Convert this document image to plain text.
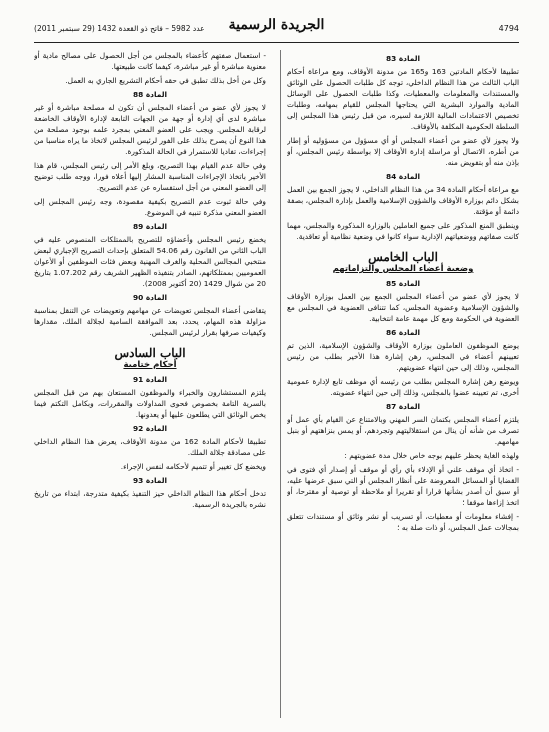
4794
الجريدة الرسمية
عدد 5982 – فاتح ذو القعدة 1432 (29 سبتمبر 2011)
المادة 83

تطبيقا لأحكام المادتين 163 و165 من مدونة الأوقاف، ومع مراعاة أحكام الباب الثالث من هذا النظام الداخلي، توجه كل طلبات الحصول على الوثائق والمستندات والمعلومات والمعطيات، وكذا طلبات الحصول على الوسائل المادية والموارد البشرية التي يحتاجها المجلس للقيام بمهامه، وطلبات تخصيص الاعتمادات المالية اللازمة لسيره، من قبل رئيس هذا المجلس إلى السلطة الحكومية المكلفة بالأوقاف.

ولا يجوز لأي عضو من أعضاء المجلس أو أي مسؤول من مسؤوليه أو إطار من أطره، الاتصال أو مراسلة إدارة الأوقاف إلا بواسطة رئيس المجلس، أو بإذن منه أو بتفويض منه.

المادة 84

مع مراعاة أحكام المادة 34 من هذا النظام الداخلي، لا يجوز الجمع بين العمل بشكل دائم بوزارة الأوقاف والشؤون الإسلامية والعمل بإدارة المجلس، بصفة دائمة أو مؤقتة.

وينطبق المنع المذكور على جميع العاملين بالوزارة المذكورة والمجلس، مهما كانت صفاتهم ووضعياتهم الإدارية سواء كانوا في وضعية نظامية أو تعاقدية.

الباب الخامس
وضعية أعضاء المجلس والتزاماتهم
المادة 85

لا يجوز لأي عضو من أعضاء المجلس الجمع بين العمل بوزارة الأوقاف والشؤون الإسلامية وعضوية المجلس، كما تتنافى العضوية في المجلس مع العضوية في الحكومة ومع كل مهمة عامة انتخابية.

المادة 86

يوضع الموظفون العاملون بوزارة الأوقاف والشؤون الإسلامية، الذين تم تعيينهم أعضاء في المجلس، رهن إشارة هذا الأخير بطلب من رئيس المجلس، وذلك إلى حين انتهاء عضويتهم.

ويوضع رهن إشارة المجلس بطلب من رئيسه أي موظف تابع لإدارة عمومية أخرى، تم تعيينه عضوا بالمجلس، وذلك إلى حين انتهاء عضويته.

المادة 87

يلتزم أعضاء المجلس بكتمان السر المهني وبالامتناع عن القيام بأي عمل أو تصرف من شأنه أن ينال من استقلاليتهم وتجردهم، أو يمس بنزاهتهم أو بنبل مهامهم.

ولهذه الغاية يحظر عليهم بوجه خاص خلال مدة عضويتهم :

- اتخاذ أي موقف علني أو الإدلاء بأي رأي أو موقف أو إصدار أي فتوى في القضايا أو المسائل المعروضة على أنظار المجلس أو التي سبق عرضها عليه، أو سبق أن أصدر بشأنها قرارا أو تقريرا أو ملاحظة أو توصية أو مقترحا، أو اتخذ إزاءها موقفا ؛

- إفشاء معلومات أو معطيات، أو تسريب أو نشر وثائق أو مستندات تتعلق بمجالات عمل المجلس، أو ذات صلة به ؛

- استعمال صفتهم كأعضاء بالمجلس من أجل الحصول على مصالح مادية أو معنوية مباشرة أو غير مباشرة، كيفما كانت طبيعتها.

وكل من أخل بذلك تطبق في حقه أحكام التشريع الجاري به العمل.

المادة 88

لا يجوز لأي عضو من أعضاء المجلس أن تكون له مصلحة مباشرة أو غير مباشرة لدى أي إدارة أو جهة من الجهات التابعة لإدارة الأوقاف الخاضعة لرقابة المجلس. ويجب على العضو المعني بمجرد علمه بوجود مصلحة من هذا النوع أن يصرح بذلك على الفور لرئيس المجلس لاتخاذ ما يراه مناسبا من إجراءات، تفاديا للاستمرار في الحالة المذكورة.

وفي حالة عدم القيام بهذا التصريح، وبلغ الأمر إلى رئيس المجلس، قام هذا الأخير باتخاذ الإجراءات المناسبة المشار إليها أعلاه فورا، ووجه طلب توضيح إلى العضو المعني من أجل استفساره عن عدم التصريح.

وفي حالة ثبوت عدم التصريح بكيفية مقصودة، وجه رئيس المجلس إلى العضو المعني مذكرة تنبيه في الموضوع.

المادة 89

يخضع رئيس المجلس وأعضاؤه للتصريح بالممتلكات المنصوص عليه في الباب الثاني من القانون رقم 54.06 المتعلق بإحداث التصريح الإجباري لبعض منتخبي المجالس المحلية والغرف المهنية وبعض فئات الموظفين أو الأعوان العموميين بممتلكاتهم، الصادر بتنفيذه الظهير الشريف رقم 1.07.202 بتاريخ 20 من شوال 1429 (20 أكتوبر 2008).

المادة 90

يتقاضى أعضاء المجلس تعويضات عن مهامهم وتعويضات عن التنقل بمناسبة مزاولة هذه المهام، يحدد، بعد الموافقة السامية لجلالة الملك، مقدارها وكيفيات صرفها بقرار لرئيس المجلس.

الباب السادس
أحكام ختامية
المادة 91

يلتزم المستشارون والخبراء والموظفون المستعان بهم من قبل المجلس بالسرية التامة بخصوص فحوى المداولات والمقررات، وبكامل التكتم فيما يخص الوثائق التي يطلعون عليها أو يعدونها.

المادة 92

تطبيقا لأحكام المادة 162 من مدونة الأوقاف، يعرض هذا النظام الداخلي على مصادقة جلالة الملك.

ويخضع كل تغيير أو تتميم لأحكامه لنفس الإجراء.

المادة 93

تدخل أحكام هذا النظام الداخلي حيز التنفيذ بكيفية متدرجة، ابتداء من تاريخ نشره بالجريدة الرسمية.
